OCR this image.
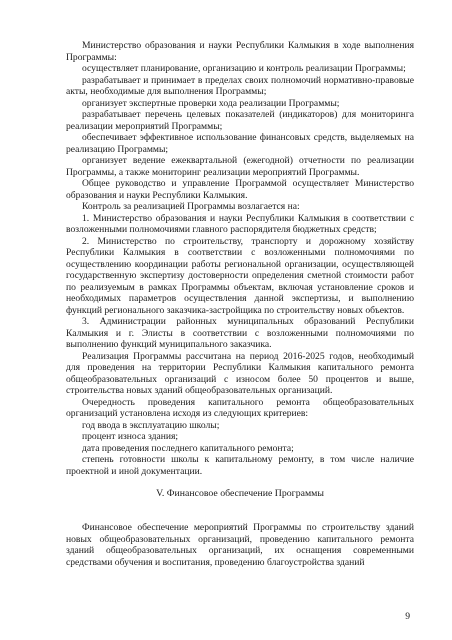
Министерство образования и науки Республики Калмыкия в ходе выполнения Программы:

осуществляет планирование, организацию и контроль реализации Программы;

разрабатывает и принимает в пределах своих полномочий нормативно-правовые акты, необходимые для выполнения Программы;

организует экспертные проверки хода реализации Программы;

разрабатывает перечень целевых показателей (индикаторов) для мониторинга реализации мероприятий Программы;

обеспечивает эффективное использование финансовых средств, выделяемых на реализацию Программы;

организует ведение ежеквартальной (ежегодной) отчетности по реализации Программы, а также мониторинг реализации мероприятий Программы.

Общее руководство и управление Программой осуществляет Министерство образования и науки Республики Калмыкия.

Контроль за реализацией Программы возлагается на:

1. Министерство образования и науки Республики Калмыкия в соответствии с возложенными полномочиями главного распорядителя бюджетных средств;

2. Министерство по строительству, транспорту и дорожному хозяйству Республики Калмыкия в соответствии с возложенными полномочиями по осуществлению координации работы региональной организации, осуществляющей государственную экспертизу достоверности определения сметной стоимости работ по реализуемым в рамках Программы объектам, включая установление сроков и необходимых параметров осуществления данной экспертизы, и выполнению функций регионального заказчика-застройщика по строительству новых объектов.

3. Администрации районных муниципальных образований Республики Калмыкия и г. Элисты в соответствии с возложенными полномочиями по выполнению функций муниципального заказчика.

Реализация Программы рассчитана на период 2016-2025 годов, необходимый для проведения на территории Республики Калмыкия капитального ремонта общеобразовательных организаций с износом более 50 процентов и выше, строительства новых зданий общеобразовательных организаций.

Очередность проведения капитального ремонта общеобразовательных организаций установлена исходя из следующих критериев:

год ввода в эксплуатацию школы;

процент износа здания;

дата проведения последнего капитального ремонта;

степень готовности школы к капитальному ремонту, в том числе наличие проектной и иной документации.

V. Финансовое обеспечение Программы

Финансовое обеспечение мероприятий Программы по строительству зданий новых общеобразовательных организаций, проведению капитального ремонта зданий общеобразовательных организаций, их оснащения современными средствами обучения и воспитания, проведению благоустройства зданий

9
